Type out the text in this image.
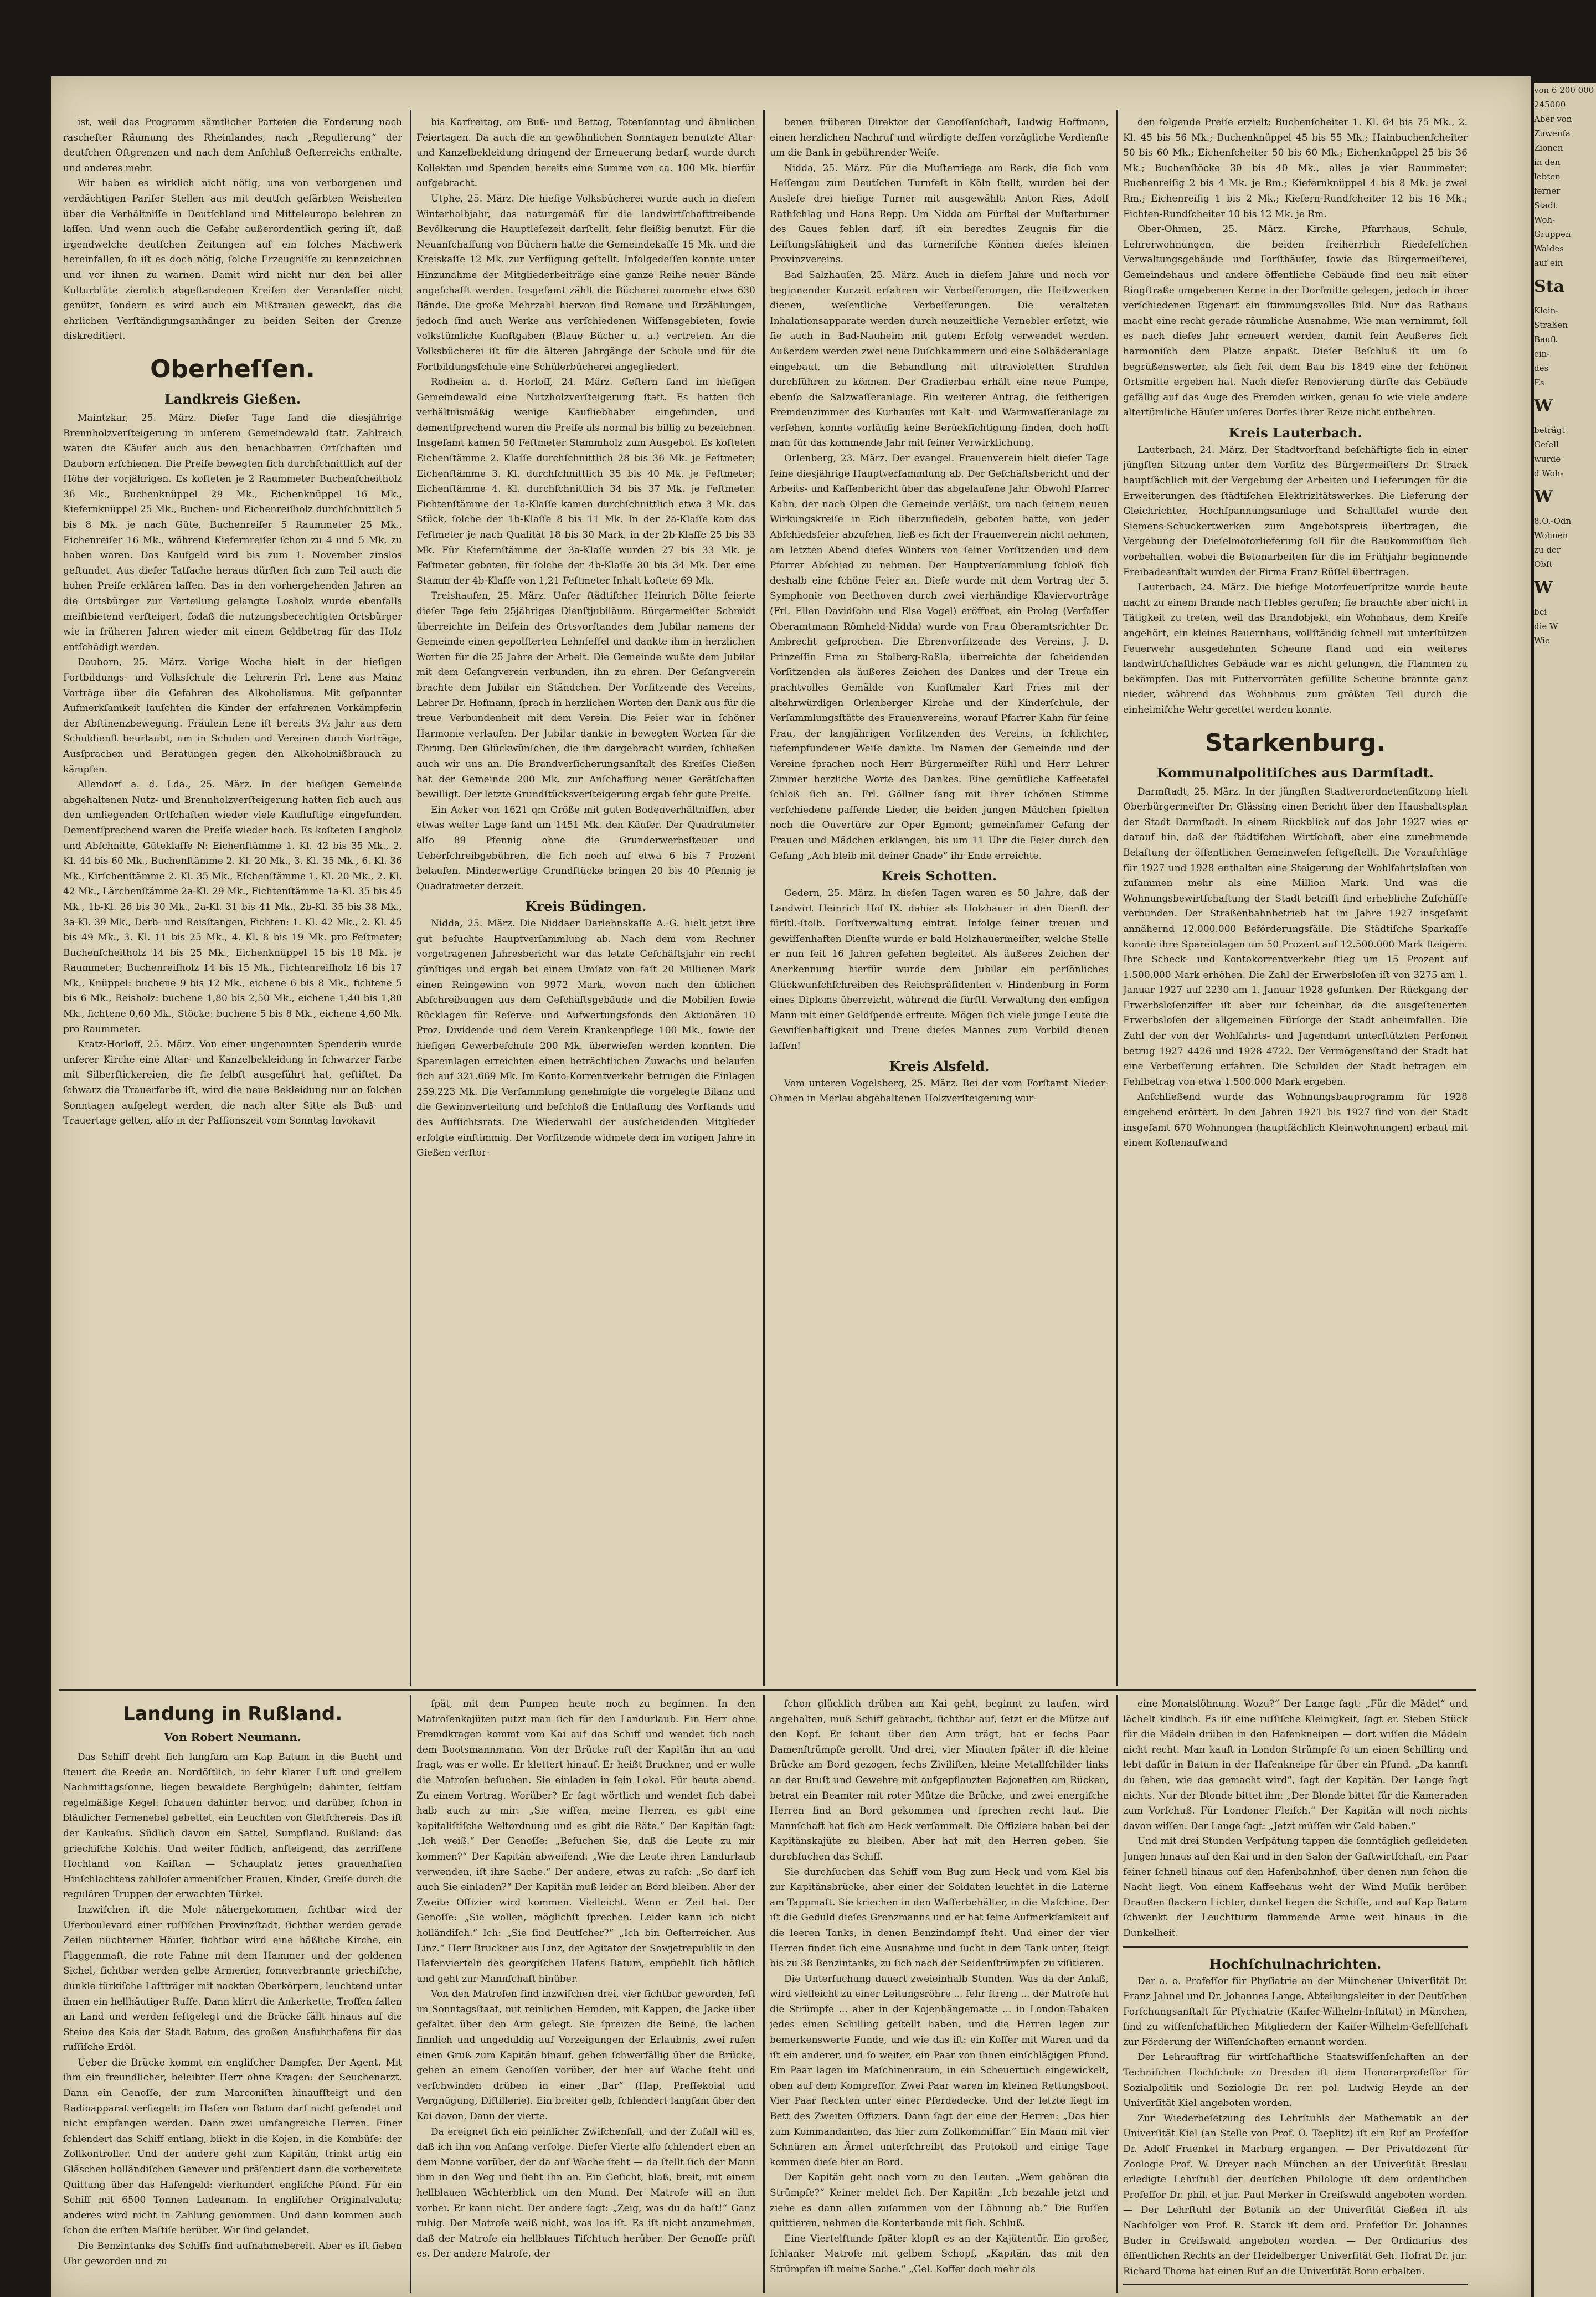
ist, weil das Programm sämtlicher Parteien die Forderung nach rascheſter Räumung des Rheinlandes, nach „Regulierung“ der deutſchen Oſtgrenzen und nach dem Anſchluß Oeſterreichs enthalte, und anderes mehr.

Wir haben es wirklich nicht nötig, uns von verborgenen und verdächtigen Pariſer Stellen aus mit deutſch gefärbten Weisheiten über die Verhältniſſe in Deutſchland und Mitteleuropa belehren zu laſſen. Und wenn auch die Gefahr außerordentlich gering iſt, daß irgendwelche deutſchen Zeitungen auf ein ſolches Machwerk hereinfallen, ſo iſt es doch nötig, ſolche Erzeugniſſe zu kennzeichnen und vor ihnen zu warnen. Damit wird nicht nur den bei aller Kulturblüte ziemlich abgeſtandenen Kreiſen der Veranlaſſer nicht genützt, ſondern es wird auch ein Mißtrauen geweckt, das die ehrlichen Verſtändigungsanhänger zu beiden Seiten der Grenze diskreditiert.

Oberheſſen.
Landkreis Gießen.

Maintzkar, 25. März. Dieſer Tage fand die diesjährige Brennholzverſteigerung in unſerem Gemeindewald ſtatt. Zahlreich waren die Käufer auch aus den benachbarten Ortſchaften und Dauborn erſchienen. Die Preiſe bewegten ſich durchſchnittlich auf der Höhe der vorjährigen. Es koſteten je 2 Raummeter Buchenſcheitholz 36 Mk., Buchenknüppel 29 Mk., Eichenknüppel 16 Mk., Kiefernknüppel 25 Mk., Buchen- und Eichenreiſholz durchſchnittlich 5 bis 8 Mk. je nach Güte, Buchenreiſer 5 Raummeter 25 Mk., Eichenreiſer 16 Mk., während Kiefernreiſer ſchon zu 4 und 5 Mk. zu haben waren. Das Kaufgeld wird bis zum 1. November zinslos geſtundet. Aus dieſer Tatſache heraus dürften ſich zum Teil auch die hohen Preiſe erklären laſſen. Das in den vorhergehenden Jahren an die Ortsbürger zur Verteilung gelangte Losholz wurde ebenfalls meiſtbietend verſteigert, ſodaß die nutzungsberechtigten Ortsbürger wie in früheren Jahren wieder mit einem Geldbetrag für das Holz entſchädigt werden.

Dauborn, 25. März. Vorige Woche hielt in der hieſigen Fortbildungs- und Volksſchule die Lehrerin Frl. Lene aus Mainz Vorträge über die Gefahren des Alkoholismus. Mit geſpannter Aufmerkſamkeit lauſchten die Kinder der erfahrenen Vorkämpferin der Abſtinenzbewegung. Fräulein Lene iſt bereits 3½ Jahr aus dem Schuldienſt beurlaubt, um in Schulen und Vereinen durch Vorträge, Ausſprachen und Beratungen gegen den Alkoholmißbrauch zu kämpfen.

Allendorf a. d. Lda., 25. März. In der hieſigen Gemeinde abgehaltenen Nutz- und Brennholzverſteigerung hatten ſich auch aus den umliegenden Ortſchaften wieder viele Kaufluſtige eingefunden. Dementſprechend waren die Preiſe wieder hoch. Es koſteten Langholz und Abſchnitte, Güteklaſſe N: Eichenſtämme 1. Kl. 42 bis 35 Mk., 2. Kl. 44 bis 60 Mk., Buchenſtämme 2. Kl. 20 Mk., 3. Kl. 35 Mk., 6. Kl. 36 Mk., Kirſchenſtämme 2. Kl. 35 Mk., Eſchenſtämme 1. Kl. 20 Mk., 2. Kl. 42 Mk., Lärchenſtämme 2a-Kl. 29 Mk., Fichtenſtämme 1a-Kl. 35 bis 45 Mk., 1b-Kl. 26 bis 30 Mk., 2a-Kl. 31 bis 41 Mk., 2b-Kl. 35 bis 38 Mk., 3a-Kl. 39 Mk., Derb- und Reisſtangen, Fichten: 1. Kl. 42 Mk., 2. Kl. 45 bis 49 Mk., 3. Kl. 11 bis 25 Mk., 4. Kl. 8 bis 19 Mk. pro Feſtmeter; Buchenſcheitholz 14 bis 25 Mk., Eichenknüppel 15 bis 18 Mk. je Raummeter; Buchenreiſholz 14 bis 15 Mk., Fichtenreiſholz 16 bis 17 Mk., Knüppel: buchene 9 bis 12 Mk., eichene 6 bis 8 Mk., fichtene 5 bis 6 Mk., Reisholz: buchene 1,80 bis 2,50 Mk., eichene 1,40 bis 1,80 Mk., fichtene 0,60 Mk., Stöcke: buchene 5 bis 8 Mk., eichene 4,60 Mk. pro Raummeter.

Kratz-Horloff, 25. März. Von einer ungenannten Spenderin wurde unſerer Kirche eine Altar- und Kanzelbekleidung in ſchwarzer Farbe mit Silberſtickereien, die ſie ſelbſt ausgeführt hat, geſtiftet. Da ſchwarz die Trauerfarbe iſt, wird die neue Bekleidung nur an ſolchen Sonntagen aufgelegt werden, die nach alter Sitte als Buß- und Trauertage gelten, alſo in der Paſſionszeit vom Sonntag Invokavit

bis Karfreitag, am Buß- und Bettag, Totenſonntag und ähnlichen Feiertagen. Da auch die an gewöhnlichen Sonntagen benutzte Altar- und Kanzelbekleidung dringend der Erneuerung bedarf, wurde durch Kollekten und Spenden bereits eine Summe von ca. 100 Mk. hierfür aufgebracht.

Utphe, 25. März. Die hieſige Volksbücherei wurde auch in dieſem Winterhalbjahr, das naturgemäß für die landwirtſchafttreibende Bevölkerung die Hauptleſezeit darſtellt, ſehr fleißig benutzt. Für die Neuanſchaffung von Büchern hatte die Gemeindekaſſe 15 Mk. und die Kreiskaſſe 12 Mk. zur Verfügung geſtellt. Infolgedeſſen konnte unter Hinzunahme der Mitgliederbeiträge eine ganze Reihe neuer Bände angeſchafft werden. Insgeſamt zählt die Bücherei nunmehr etwa 630 Bände. Die große Mehrzahl hiervon ſind Romane und Erzählungen, jedoch ſind auch Werke aus verſchiedenen Wiſſensgebieten, ſowie volkstümliche Kunſtgaben (Blaue Bücher u. a.) vertreten. An die Volksbücherei iſt für die älteren Jahrgänge der Schule und für die Fortbildungsſchule eine Schülerbücherei angegliedert.

Rodheim a. d. Horloff, 24. März. Geſtern fand im hieſigen Gemeindewald eine Nutzholzverſteigerung ſtatt. Es hatten ſich verhältnismäßig wenige Kaufliebhaber eingefunden, und dementſprechend waren die Preiſe als normal bis billig zu bezeichnen. Insgeſamt kamen 50 Feſtmeter Stammholz zum Ausgebot. Es koſteten Eichenſtämme 2. Klaſſe durchſchnittlich 28 bis 36 Mk. je Feſtmeter; Eichenſtämme 3. Kl. durchſchnittlich 35 bis 40 Mk. je Feſtmeter; Eichenſtämme 4. Kl. durchſchnittlich 34 bis 37 Mk. je Feſtmeter. Fichtenſtämme der 1a-Klaſſe kamen durchſchnittlich etwa 3 Mk. das Stück, ſolche der 1b-Klaſſe 8 bis 11 Mk. In der 2a-Klaſſe kam das Feſtmeter je nach Qualität 18 bis 30 Mark, in der 2b-Klaſſe 25 bis 33 Mk. Für Kiefernſtämme der 3a-Klaſſe wurden 27 bis 33 Mk. je Feſtmeter geboten, für ſolche der 4b-Klaſſe 30 bis 34 Mk. Der eine Stamm der 4b-Klaſſe von 1,21 Feſtmeter Inhalt koſtete 69 Mk.

Treishaufen, 25. März. Unſer ſtädtiſcher Heinrich Bölte feierte dieſer Tage ſein 25jähriges Dienſtjubiläum. Bürgermeiſter Schmidt überreichte im Beiſein des Ortsvorſtandes dem Jubilar namens der Gemeinde einen gepolſterten Lehnſeſſel und dankte ihm in herzlichen Worten für die 25 Jahre der Arbeit. Die Gemeinde wußte dem Jubilar mit dem Geſangverein verbunden, ihn zu ehren. Der Geſangverein brachte dem Jubilar ein Ständchen. Der Vorſitzende des Vereins, Lehrer Dr. Hofmann, ſprach in herzlichen Worten den Dank aus für die treue Verbundenheit mit dem Verein. Die Feier war in ſchöner Harmonie verlaufen. Der Jubilar dankte in bewegten Worten für die Ehrung. Den Glückwünſchen, die ihm dargebracht wurden, ſchließen auch wir uns an. Die Brandverſicherungsanſtalt des Kreiſes Gießen hat der Gemeinde 200 Mk. zur Anſchaffung neuer Gerätſchaften bewilligt. Der letzte Grundſtücksverſteigerung ergab ſehr gute Preiſe.

Ein Acker von 1621 qm Größe mit guten Bodenverhältniſſen, aber etwas weiter Lage fand um 1451 Mk. den Käufer. Der Quadratmeter alſo 89 Pfennig ohne die Grunderwerbsſteuer und Ueberſchreibgebühren, die ſich noch auf etwa 6 bis 7 Prozent belaufen. Minderwertige Grundſtücke bringen 20 bis 40 Pfennig je Quadratmeter derzeit.

Kreis Büdingen.

Nidda, 25. März. Die Niddaer Darlehnskaſſe A.-G. hielt jetzt ihre gut beſuchte Hauptverſammlung ab. Nach dem vom Rechner vorgetragenen Jahresbericht war das letzte Geſchäftsjahr ein recht günſtiges und ergab bei einem Umſatz von faſt 20 Millionen Mark einen Reingewinn von 9972 Mark, wovon nach den üblichen Abſchreibungen aus dem Geſchäftsgebäude und die Mobilien ſowie Rücklagen für Reſerve- und Aufwertungsfonds den Aktionären 10 Proz. Dividende und dem Verein Krankenpflege 100 Mk., ſowie der hieſigen Gewerbeſchule 200 Mk. überwieſen werden konnten. Die Spareinlagen erreichten einen beträchtlichen Zuwachs und belaufen ſich auf 321.669 Mk. Im Konto-Korrentverkehr betrugen die Einlagen 259.223 Mk. Die Verſammlung genehmigte die vorgelegte Bilanz und die Gewinnverteilung und beſchloß die Entlaſtung des Vorſtands und des Aufſichtsrats. Die Wiederwahl der ausſcheidenden Mitglieder erfolgte einſtimmig. Der Vorſitzende widmete dem im vorigen Jahre in Gießen verſtor-

benen früheren Direktor der Genoſſenſchaft, Ludwig Hoffmann, einen herzlichen Nachruf und würdigte deſſen vorzügliche Verdienſte um die Bank in gebührender Weiſe.

Nidda, 25. März. Für die Muſterriege am Reck, die ſich vom Heſſengau zum Deutſchen Turnfeſt in Köln ſtellt, wurden bei der Ausleſe drei hieſige Turner mit ausgewählt: Anton Ries, Adolf Rathſchlag und Hans Repp. Um Nidda am Fürſtel der Muſterturner des Gaues fehlen darf, iſt ein beredtes Zeugnis für die Leiſtungsfähigkeit und das turneriſche Können dieſes kleinen Provinzvereins.

Bad Salzhauſen, 25. März. Auch in dieſem Jahre und noch vor beginnender Kurzeit erfahren wir Verbeſſerungen, die Heilzwecken dienen, weſentliche Verbeſſerungen. Die veralteten Inhalationsapparate werden durch neuzeitliche Vernebler erſetzt, wie ſie auch in Bad-Nauheim mit gutem Erfolg verwendet werden. Außerdem werden zwei neue Duſchkammern und eine Solbäderanlage eingebaut, um die Behandlung mit ultravioletten Strahlen durchführen zu können. Der Gradierbau erhält eine neue Pumpe, ebenſo die Salzwaſſeranlage. Ein weiterer Antrag, die ſeitherigen Fremdenzimmer des Kurhauſes mit Kalt- und Warmwaſſeranlage zu verſehen, konnte vorläufig keine Berückſichtigung finden, doch hofft man für das kommende Jahr mit ſeiner Verwirklichung.

Orlenberg, 23. März. Der evangel. Frauenverein hielt dieſer Tage ſeine diesjährige Hauptverſammlung ab. Der Geſchäftsbericht und der Arbeits- und Kaſſenbericht über das abgelaufene Jahr. Obwohl Pfarrer Kahn, der nach Olpen die Gemeinde verläßt, um nach ſeinem neuen Wirkungskreiſe in Eich überzuſiedeln, geboten hatte, von jeder Abſchiedsfeier abzuſehen, ließ es ſich der Frauenverein nicht nehmen, am letzten Abend dieſes Winters von ſeiner Vorſitzenden und dem Pfarrer Abſchied zu nehmen. Der Hauptverſammlung ſchloß ſich deshalb eine ſchöne Feier an. Dieſe wurde mit dem Vortrag der 5. Symphonie von Beethoven durch zwei vierhändige Klaviervorträge (Frl. Ellen Davidſohn und Else Vogel) eröffnet, ein Prolog (Verfaſſer Oberamtmann Römheld-Nidda) wurde von Frau Oberamtsrichter Dr. Ambrecht geſprochen. Die Ehrenvorſitzende des Vereins, J. D. Prinzeſſin Erna zu Stolberg-Roßla, überreichte der ſcheidenden Vorſitzenden als äußeres Zeichen des Dankes und der Treue ein prachtvolles Gemälde von Kunſtmaler Karl Fries mit der altehrwürdigen Orlenberger Kirche und der Kinderſchule, der Verſammlungsſtätte des Frauenvereins, worauf Pfarrer Kahn für ſeine Frau, der langjährigen Vorſitzenden des Vereins, in ſchlichter, tiefempfundener Weiſe dankte. Im Namen der Gemeinde und der Vereine ſprachen noch Herr Bürgermeiſter Rühl und Herr Lehrer Zimmer herzliche Worte des Dankes. Eine gemütliche Kaffeetafel ſchloß ſich an. Frl. Göllner ſang mit ihrer ſchönen Stimme verſchiedene paſſende Lieder, die beiden jungen Mädchen ſpielten noch die Ouvertüre zur Oper Egmont; gemeinſamer Geſang der Frauen und Mädchen erklangen, bis um 11 Uhr die Feier durch den Geſang „Ach bleib mit deiner Gnade“ ihr Ende erreichte.

Kreis Schotten.

Gedern, 25. März. In dieſen Tagen waren es 50 Jahre, daß der Landwirt Heinrich Hof IX. dahier als Holzhauer in den Dienſt der fürſtl.-ſtolb. Forſtverwaltung eintrat. Infolge ſeiner treuen und gewiſſenhaften Dienſte wurde er bald Holzhauermeiſter, welche Stelle er nun ſeit 16 Jahren geſehen begleitet. Als äußeres Zeichen der Anerkennung hierfür wurde dem Jubilar ein perſönliches Glückwunſchſchreiben des Reichspräſidenten v. Hindenburg in Form eines Diploms überreicht, während die fürſtl. Verwaltung den emſigen Mann mit einer Geldſpende erfreute. Mögen ſich viele junge Leute die Gewiſſenhaftigkeit und Treue dieſes Mannes zum Vorbild dienen laſſen!

Kreis Alsfeld.

Vom unteren Vogelsberg, 25. März. Bei der vom Forſtamt Nieder-Ohmen in Merlau abgehaltenen Holzverſteigerung wur-

den folgende Preiſe erzielt: Buchenſcheiter 1. Kl. 64 bis 75 Mk., 2. Kl. 45 bis 56 Mk.; Buchenknüppel 45 bis 55 Mk.; Hainbuchenſcheiter 50 bis 60 Mk.; Eichenſcheiter 50 bis 60 Mk.; Eichenknüppel 25 bis 36 Mk.; Buchenſtöcke 30 bis 40 Mk., alles je vier Raummeter; Buchenreiſig 2 bis 4 Mk. je Rm.; Kiefernknüppel 4 bis 8 Mk. je zwei Rm.; Eichenreiſig 1 bis 2 Mk.; Kiefern-Rundſcheiter 12 bis 16 Mk.; Fichten-Rundſcheiter 10 bis 12 Mk. je Rm.

Ober-Ohmen, 25. März. Kirche, Pfarrhaus, Schule, Lehrerwohnungen, die beiden freiherrlich Riedeſelſchen Verwaltungsgebäude und Forſthäuſer, ſowie das Bürgermeiſterei, Gemeindehaus und andere öffentliche Gebäude ſind neu mit einer Ringſtraße umgebenen Kerne in der Dorfmitte gelegen, jedoch in ihrer verſchiedenen Eigenart ein ſtimmungsvolles Bild. Nur das Rathaus macht eine recht gerade räumliche Ausnahme. Wie man vernimmt, ſoll es nach dieſes Jahr erneuert werden, damit ſein Aeußeres ſich harmoniſch dem Platze anpaßt. Dieſer Beſchluß iſt um ſo begrüßenswerter, als ſich ſeit dem Bau bis 1849 eine der ſchönen Ortsmitte ergeben hat. Nach dieſer Renovierung dürfte das Gebäude gefällig auf das Auge des Fremden wirken, genau ſo wie viele andere altertümliche Häuſer unſeres Dorfes ihrer Reize nicht entbehren.

Kreis Lauterbach.

Lauterbach, 24. März. Der Stadtvorſtand beſchäftigte ſich in einer jüngſten Sitzung unter dem Vorſitz des Bürgermeiſters Dr. Strack hauptſächlich mit der Vergebung der Arbeiten und Lieferungen für die Erweiterungen des ſtädtiſchen Elektrizitätswerkes. Die Lieferung der Gleichrichter, Hochſpannungsanlage und Schalttafel wurde den Siemens-Schuckertwerken zum Angebotspreis übertragen, die Vergebung der Dieſelmotorlieferung ſoll für die Baukommiſſion ſich vorbehalten, wobei die Betonarbeiten für die im Frühjahr beginnende Freibadeanſtalt wurden der Firma Franz Rüſſel übertragen.

Lauterbach, 24. März. Die hieſige Motorfeuerſpritze wurde heute nacht zu einem Brande nach Hebles gerufen; ſie brauchte aber nicht in Tätigkeit zu treten, weil das Brandobjekt, ein Wohnhaus, dem Kreiſe angehört, ein kleines Bauernhaus, vollſtändig ſchnell mit unterſtützen Feuerwehr ausgedehnten Scheune ſtand und ein weiteres landwirtſchaftliches Gebäude war es nicht gelungen, die Flammen zu bekämpfen. Das mit Futtervorräten gefüllte Scheune brannte ganz nieder, während das Wohnhaus zum größten Teil durch die einheimiſche Wehr gerettet werden konnte.

Starkenburg.
Kommunalpolitiſches aus Darmſtadt.

Darmſtadt, 25. März. In der jüngſten Stadtverordnetenſitzung hielt Oberbürgermeiſter Dr. Glässing einen Bericht über den Haushaltsplan der Stadt Darmſtadt. In einem Rückblick auf das Jahr 1927 wies er darauf hin, daß der ſtädtiſchen Wirtſchaft, aber eine zunehmende Belaſtung der öffentlichen Gemeinweſen feſtgeſtellt. Die Vorauſchläge für 1927 und 1928 enthalten eine Steigerung der Wohlfahrtslaſten von zuſammen mehr als eine Million Mark. Und was die Wohnungsbewirtſchaftung der Stadt betrifft ſind erhebliche Zuſchüſſe verbunden. Der Straßenbahnbetrieb hat im Jahre 1927 insgeſamt annähernd 12.000.000 Beförderungsfälle. Die Städtiſche Sparkaſſe konnte ihre Spareinlagen um 50 Prozent auf 12.500.000 Mark ſteigern. Ihre Scheck- und Kontokorrentverkehr ſtieg um 15 Prozent auf 1.500.000 Mark erhöhen. Die Zahl der Erwerbsloſen iſt von 3275 am 1. Januar 1927 auf 2230 am 1. Januar 1928 geſunken. Der Rückgang der Erwerbsloſenziffer iſt aber nur ſcheinbar, da die ausgeſteuerten Erwerbsloſen der allgemeinen Fürſorge der Stadt anheimfallen. Die Zahl der von der Wohlfahrts- und Jugendamt unterſtützten Perſonen betrug 1927 4426 und 1928 4722. Der Vermögensſtand der Stadt hat eine Verbeſſerung erfahren. Die Schulden der Stadt betragen ein Fehlbetrag von etwa 1.500.000 Mark ergeben.

Anſchließend wurde das Wohnungsbauprogramm für 1928 eingehend erörtert. In den Jahren 1921 bis 1927 ſind von der Stadt insgeſamt 670 Wohnungen (hauptſächlich Kleinwohnungen) erbaut mit einem Koſtenaufwand

Landung in Rußland.
Von Robert Neumann.

Das Schiff dreht ſich langſam am Kap Batum in die Bucht und ſteuert die Reede an. Nordöſtlich, in ſehr klarer Luft und grellem Nachmittagsſonne, liegen bewaldete Berghügeln; dahinter, ſeltſam regelmäßige Kegel: ſchauen dahinter hervor, und darüber, ſchon in bläulicher Fernenebel gebettet, ein Leuchten von Gletſchereis. Das iſt der Kaukaſus. Südlich davon ein Sattel, Sumpfland. Rußland: das griechiſche Kolchis. Und weiter ſüdlich, anſteigend, das zerriſſene Hochland von Kaiſtan — Schauplatz jenes grauenhaften Hinſchlachtens zahlloſer armeniſcher Frauen, Kinder, Greiſe durch die regulären Truppen der erwachten Türkei.

Inzwiſchen iſt die Mole nähergekommen, ſichtbar wird der Uferboulevard einer ruſſiſchen Provinzſtadt, ſichtbar werden gerade Zeilen nüchterner Häuſer, ſichtbar wird eine häßliche Kirche, ein Flaggenmaſt, die rote Fahne mit dem Hammer und der goldenen Sichel, ſichtbar werden gelbe Armenier, ſonnverbrannte griechiſche, dunkle türkiſche Laſtträger mit nackten Oberkörpern, leuchtend unter ihnen ein hellhäutiger Ruſſe. Dann klirrt die Ankerkette, Troſſen fallen an Land und werden feſtgelegt und die Brücke fällt hinaus auf die Steine des Kais der Stadt Batum, des großen Ausfuhrhafens für das ruſſiſche Erdöl.

Ueber die Brücke kommt ein engliſcher Dampfer. Der Agent. Mit ihm ein freundlicher, beleibter Herr ohne Kragen: der Seuchenarzt. Dann ein Genoſſe, der zum Marconiſten hinaufſteigt und den Radioapparat verſiegelt: im Hafen von Batum darf nicht geſendet und nicht empfangen werden. Dann zwei umfangreiche Herren. Einer ſchlendert das Schiff entlang, blickt in die Kojen, in die Kombüſe: der Zollkontroller. Und der andere geht zum Kapitän, trinkt artig ein Gläschen holländiſchen Genever und präſentiert dann die vorbereitete Quittung über das Hafengeld: vierhundert engliſche Pfund. Für ein Schiff mit 6500 Tonnen Ladeanam. In engliſcher Originalvaluta; anderes wird nicht in Zahlung genommen. Und dann kommen auch ſchon die erſten Maſtiſe herüber. Wir ſind gelandet.

Die Benzintanks des Schiffs ſind aufnahmebereit. Aber es iſt ſieben Uhr geworden und zu

ſpät, mit dem Pumpen heute noch zu beginnen. In den Matroſenkajüten putzt man ſich für den Landurlaub. Ein Herr ohne Fremdkragen kommt vom Kai auf das Schiff und wendet ſich nach dem Bootsmannmann. Von der Brücke ruft der Kapitän ihn an und fragt, was er wolle. Er klettert hinauf. Er heißt Bruckner, und er wolle die Matroſen beſuchen. Sie einladen in ſein Lokal. Für heute abend. Zu einem Vortrag. Worüber? Er ſagt wörtlich und wendet ſich dabei halb auch zu mir: „Sie wiſſen, meine Herren, es gibt eine kapitaliſtiſche Weltordnung und es gibt die Räte.“ Der Kapitän ſagt: „Ich weiß.“ Der Genoſſe: „Beſuchen Sie, daß die Leute zu mir kommen?“ Der Kapitän abweiſend: „Wie die Leute ihren Landurlaub verwenden, iſt ihre Sache.“ Der andere, etwas zu raſch: „So darf ich auch Sie einladen?“ Der Kapitän muß leider an Bord bleiben. Aber der Zweite Offizier wird kommen. Vielleicht. Wenn er Zeit hat. Der Genoſſe: „Sie wollen, möglichſt ſprechen. Leider kann ich nicht holländiſch.“ Ich: „Sie ſind Deutſcher?“ „Ich bin Oeſterreicher. Aus Linz.“ Herr Bruckner aus Linz, der Agitator der Sowjetrepublik in den Hafenvierteln des georgiſchen Hafens Batum, empfiehlt ſich höflich und geht zur Mannſchaft hinüber.

Von den Matroſen ſind inzwiſchen drei, vier ſichtbar geworden, feſt im Sonntagsſtaat, mit reinlichen Hemden, mit Kappen, die Jacke über gefaltet über den Arm gelegt. Sie ſpreizen die Beine, ſie lachen ſinnlich und ungeduldig auf Vorzeigungen der Erlaubnis, zwei rufen einen Gruß zum Kapitän hinauf, gehen ſchwerfällig über die Brücke, gehen an einem Genoſſen vorüber, der hier auf Wache ſteht und verſchwinden drüben in einer „Bar“ (Hap, Preſſekoial und Vergnügung, Diſtillerie). Ein breiter gelb, ſchlendert langſam über den Kai davon. Dann der vierte.

Da ereignet ſich ein peinlicher Zwiſchenfall, und der Zufall will es, daß ich ihn von Anfang verfolge. Dieſer Vierte alſo ſchlendert eben an dem Manne vorüber, der da auf Wache ſteht — da ſtellt ſich der Mann ihm in den Weg und ſieht ihn an. Ein Geſicht, blaß, breit, mit einem hellblauen Wächterblick um den Mund. Der Matroſe will an ihm vorbei. Er kann nicht. Der andere ſagt: „Zeig, was du da haſt!“ Ganz ruhig. Der Matroſe weiß nicht, was los iſt. Es iſt nicht anzunehmen, daß der Matroſe ein hellblaues Tiſchtuch herüber. Der Genoſſe prüft es. Der andere Matroſe, der

ſchon glücklich drüben am Kai geht, beginnt zu laufen, wird angehalten, muß Schiff gebracht, ſichtbar auf, ſetzt er die Mütze auf den Kopf. Er ſchaut über den Arm trägt, hat er ſechs Paar Damenſtrümpfe gerollt. Und drei, vier Minuten ſpäter iſt die kleine Brücke am Bord gezogen, ſechs Ziviliſten, kleine Metallſchilder links an der Bruſt und Gewehre mit aufgepflanzten Bajonetten am Rücken, betrat ein Beamter mit roter Mütze die Brücke, und zwei energiſche Herren ſind an Bord gekommen und ſprechen recht laut. Die Mannſchaft hat ſich am Heck verſammelt. Die Offiziere haben bei der Kapitänskajüte zu bleiben. Aber hat mit den Herren geben. Sie durchſuchen das Schiff.

Sie durchſuchen das Schiff vom Bug zum Heck und vom Kiel bis zur Kapitänsbrücke, aber einer der Soldaten leuchtet in die Laterne am Tappmaſt. Sie kriechen in den Waſſerbehälter, in die Maſchine. Der iſt die Geduld dieſes Grenzmanns und er hat ſeine Aufmerkſamkeit auf die leeren Tanks, in denen Benzindampf ſteht. Und einer der vier Herren findet ſich eine Ausnahme und ſucht in dem Tank unter, ſteigt bis zu 38 Benzintanks, zu ſich nach der Seidenſtrümpfen zu viſitieren.

Die Unterſuchung dauert zweieinhalb Stunden. Was da der Anlaß, wird vielleicht zu einer Leitungsröhre ... ſehr ſtreng ... der Matroſe hat die Strümpfe ... aber in der Kojenhängematte ... in London-Tabaken jedes einen Schilling geſtellt haben, und die Herren legen zur bemerkenswerte Funde, und wie das iſt: ein Koffer mit Waren und da iſt ein anderer, und ſo weiter, ein Paar von ihnen einſchlägigen Pfund. Ein Paar lagen im Maſchinenraum, in ein Scheuertuch eingewickelt, oben auf dem Kompreſſor. Zwei Paar waren im kleinen Rettungsboot. Vier Paar ſteckten unter einer Pferdedecke. Und der letzte liegt im Bett des Zweiten Offiziers. Dann ſagt der eine der Herren: „Das hier zum Kommandanten, das hier zum Zollkommiſſar.“ Ein Mann mit vier Schnüren am Ärmel unterſchreibt das Protokoll und einige Tage kommen dieſe hier an Bord.

Der Kapitän geht nach vorn zu den Leuten. „Wem gehören die Strümpfe?“ Keiner meldet ſich. Der Kapitän: „Ich bezahle jetzt und ziehe es dann allen zuſammen von der Löhnung ab.“ Die Ruſſen quittieren, nehmen die Konterbande mit ſich. Schluß.

Eine Viertelſtunde ſpäter klopft es an der Kajütentür. Ein großer, ſchlanker Matroſe mit gelbem Schopf, „Kapitän, das mit den Strümpfen iſt meine Sache.“ „Gel. Koffer doch mehr als

eine Monatslöhnung. Wozu?“ Der Lange ſagt: „Für die Mädel“ und lächelt kindlich. Es iſt eine ruſſiſche Kleinigkeit, ſagt er. Sieben Stück für die Mädeln drüben in den Hafenkneipen — dort wiſſen die Mädeln nicht recht. Man kauft in London Strümpfe ſo um einen Schilling und lebt dafür in Batum in der Hafenkneipe für über ein Pfund. „Da kannſt du ſehen, wie das gemacht wird“, ſagt der Kapitän. Der Lange ſagt nichts. Nur der Blonde bittet ihn: „Der Blonde bittet für die Kameraden zum Vorſchuß. Für Londoner Fleiſch.“ Der Kapitän will noch nichts davon wiſſen. Der Lange ſagt: „Jetzt müſſen wir Geld haben.“

Und mit drei Stunden Verſpätung tappen die ſonntäglich geſleideten Jungen hinaus auf den Kai und in den Salon der Gaſtwirtſchaft, ein Paar feiner ſchnell hinaus auf den Hafenbahnhof, über denen nun ſchon die Nacht liegt. Von einem Kaffeehaus weht der Wind Muſik herüber. Draußen flackern Lichter, dunkel liegen die Schiffe, und auf Kap Batum ſchwenkt der Leuchtturm flammende Arme weit hinaus in die Dunkelheit.

Hochſchulnachrichten.

Der a. o. Profeſſor für Phyſiatrie an der Münchener Univerſität Dr. Franz Jahnel und Dr. Johannes Lange, Abteilungsleiter in der Deutſchen Forſchungsanſtalt für Pſychiatrie (Kaiſer-Wilhelm-Inſtitut) in München, ſind zu wiſſenſchaftlichen Mitgliedern der Kaiſer-Wilhelm-Geſellſchaft zur Förderung der Wiſſenſchaften ernannt worden.

Der Lehrauftrag für wirtſchaftliche Staatswiſſenſchaften an der Techniſchen Hochſchule zu Dresden iſt dem Honorarprofeſſor für Sozialpolitik und Soziologie Dr. rer. pol. Ludwig Heyde an der Univerſität Kiel angeboten worden.

Zur Wiederbeſetzung des Lehrſtuhls der Mathematik an der Univerſität Kiel (an Stelle von Prof. O. Toeplitz) iſt ein Ruf an Profeſſor Dr. Adolf Fraenkel in Marburg ergangen. — Der Privatdozent für Zoologie Prof. W. Dreyer nach München an der Univerſität Breslau erledigte Lehrſtuhl der deutſchen Philologie iſt dem ordentlichen Profeſſor Dr. phil. et jur. Paul Merker in Greifswald angeboten worden. — Der Lehrſtuhl der Botanik an der Univerſität Gießen iſt als Nachfolger von Prof. R. Starck iſt dem ord. Profeſſor Dr. Johannes Buder in Greifswald angeboten worden. — Der Ordinarius des öffentlichen Rechts an der Heidelberger Univerſität Geh. Hofrat Dr. jur. Richard Thoma hat einen Ruf an die Univerſität Bonn erhalten.

von 6 200 000
245000
Aber von
Zuwenſa
Zionen
in den
lebten
ferner
Stadt
Woh-
Gruppen
Waldes
auf ein
Sta
Klein-
Straßen
Bauſt
ein-
des
Es
W
beträgt
Geſell
wurde
d Woh-
W
8.O.-Odn
Wohnen
zu der
Obſt
W
bei
die W
Wie
